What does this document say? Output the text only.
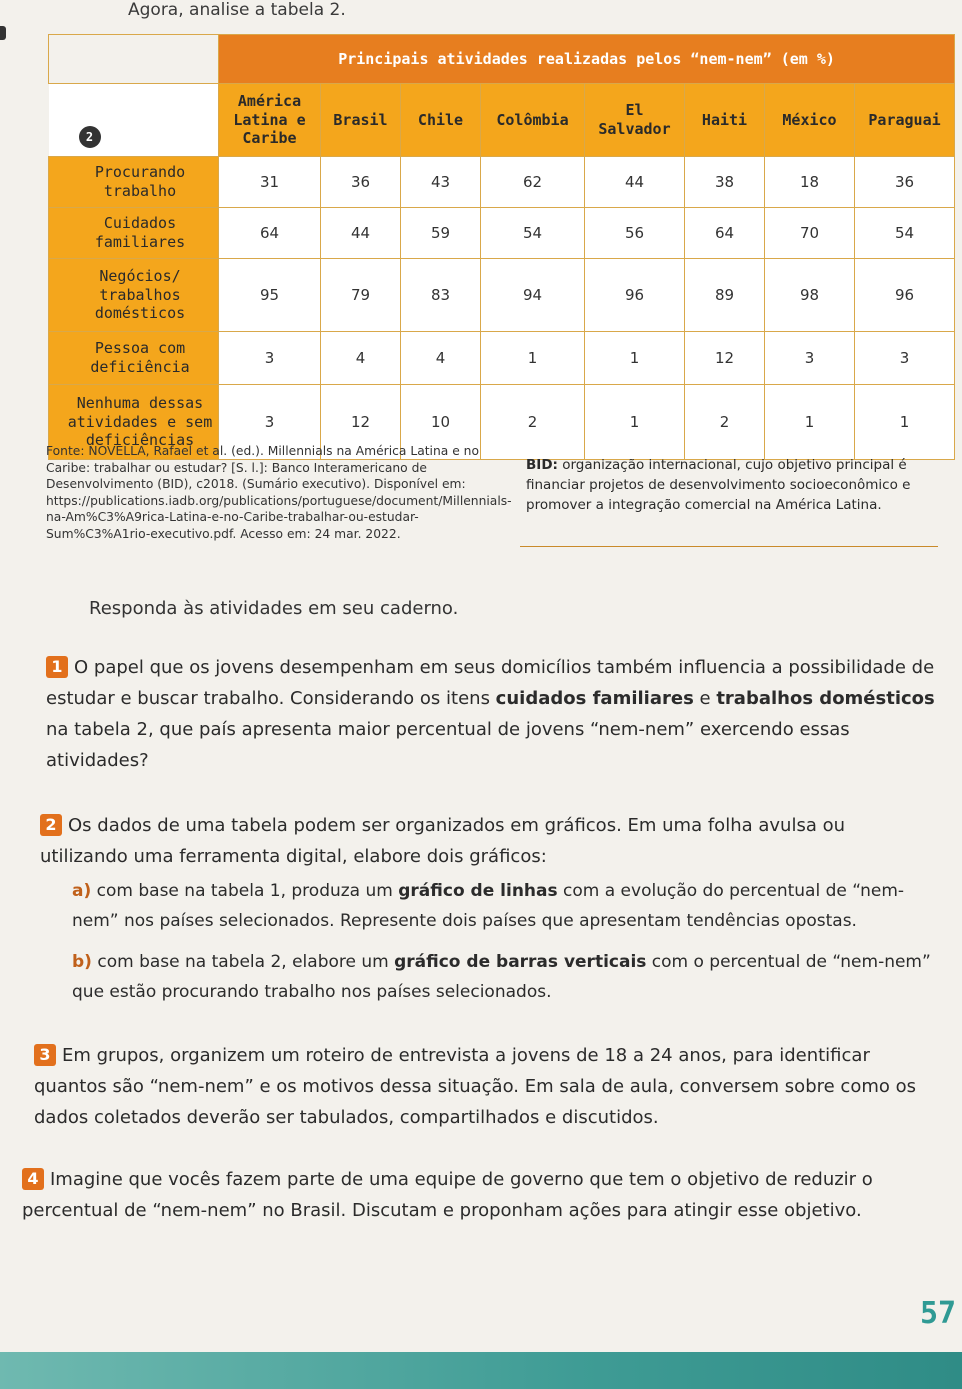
Agora, analise a tabela 2.
	Principais atividades realizadas pelos “nem-nem” (em %)							

2	América Latina e Caribe	Brasil	Chile	Colômbia	El Salvador	Haiti	México	Paraguai
Procurando trabalho	31	36	43	62	44	38	18	36
Cuidados familiares	64	44	59	54	56	64	70	54
Negócios/ trabalhos domésticos	95	79	83	94	96	89	98	96
Pessoa com deficiência	3	4	4	1	1	12	3	3
Nenhuma dessas atividades e sem deficiências	3	12	10	2	1	2	1	1
Fonte: NOVELLA, Rafael et al. (ed.). Millennials na América Latina e no Caribe: trabalhar ou estudar? [S. l.]: Banco Interamericano de Desenvolvimento (BID), c2018. (Sumário executivo). Disponível em: https://publications.iadb.org/publications/portuguese/document/Millennials-na-Am%C3%A9rica-Latina-e-no-Caribe-trabalhar-ou-estudar-Sum%C3%A1rio-executivo.pdf. Acesso em: 24 mar. 2022.
BID: organização internacional, cujo objetivo principal é financiar projetos de desenvolvimento socioeconômico e promover a integração comercial na América Latina.
Responda às atividades em seu caderno.
1 O papel que os jovens desempenham em seus domicílios também influencia a possibilidade de estudar e buscar trabalho. Considerando os itens cuidados familiares e trabalhos domésticos na tabela 2, que país apresenta maior percentual de jovens “nem-nem” exercendo essas atividades?
2 Os dados de uma tabela podem ser organizados em gráficos. Em uma folha avulsa ou utilizando uma ferramenta digital, elabore dois gráficos:
a) com base na tabela 1, produza um gráfico de linhas com a evolução do percentual de “nem-nem” nos países selecionados. Represente dois países que apresentam tendências opostas.
b) com base na tabela 2, elabore um gráfico de barras verticais com o percentual de “nem-nem” que estão procurando trabalho nos países selecionados.
3 Em grupos, organizem um roteiro de entrevista a jovens de 18 a 24 anos, para identificar quantos são “nem-nem” e os motivos dessa situação. Em sala de aula, conversem sobre como os dados coletados deverão ser tabulados, compartilhados e discutidos.
4 Imagine que vocês fazem parte de uma equipe de governo que tem o objetivo de reduzir o percentual de “nem-nem” no Brasil. Discutam e proponham ações para atingir esse objetivo.
57
